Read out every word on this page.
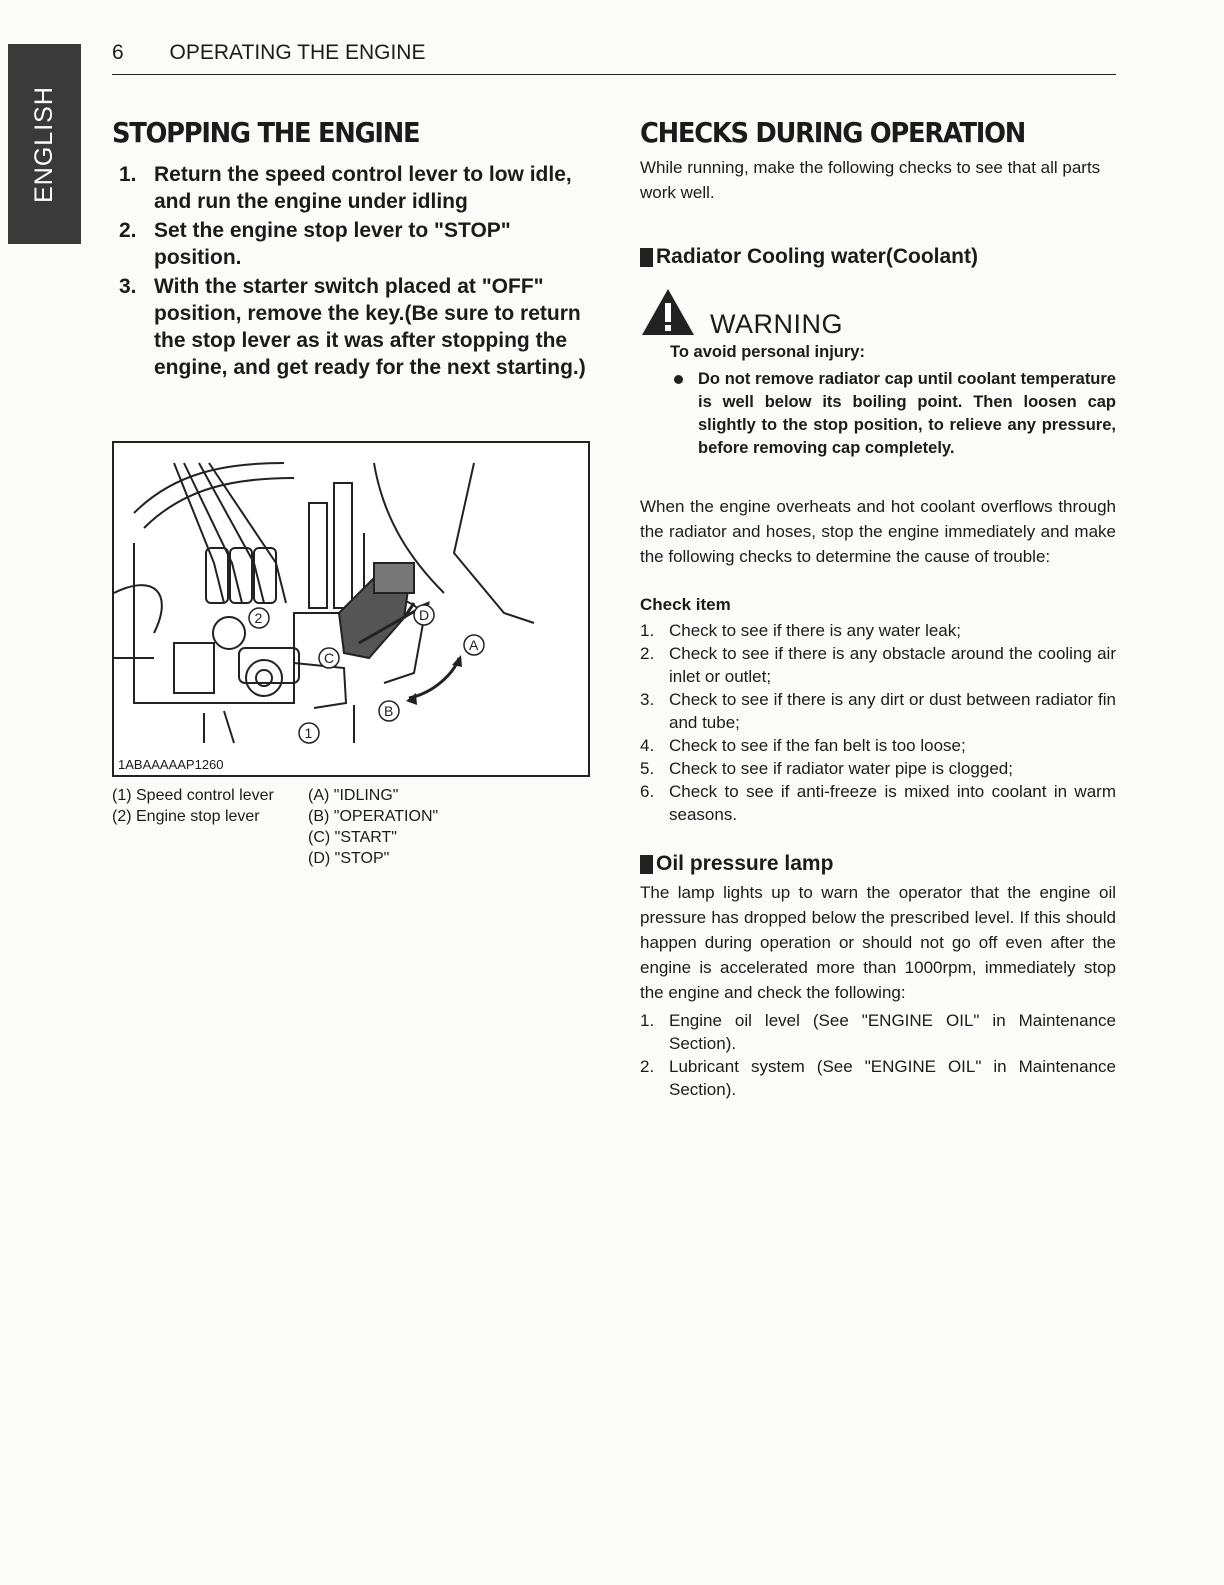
ENGLISH
6 OPERATING THE ENGINE
STOPPING THE ENGINE
1. Return the speed control lever to low idle, and run the engine under idling
2. Set the engine stop lever to "STOP" position.
3. With the starter switch placed at "OFF" position, remove the key.(Be sure to return the stop lever as it was after stopping the engine, and get ready for the next starting.)
1
2
A
B
C
D
1ABAAAAAP1260
(1) Speed control lever
(2) Engine stop lever
(A) "IDLING"
(B) "OPERATION"
(C) "START"
(D) "STOP"
CHECKS DURING OPERATION

While running, make the following checks to see that all parts work well.

Radiator Cooling water(Coolant)
WARNING
To avoid personal injury:
Do not remove radiator cap until coolant temperature is well below its boiling point. Then loosen cap slightly to the stop position, to relieve any pressure, before removing cap completely.

When the engine overheats and hot coolant overflows through the radiator and hoses, stop the engine immediately and make the following checks to determine the cause of trouble:

Check item
1. Check to see if there is any water leak;
2. Check to see if there is any obstacle around the cooling air inlet or outlet;
3. Check to see if there is any dirt or dust between radiator fin and tube;
4. Check to see if the fan belt is too loose;
5. Check to see if radiator water pipe is clogged;
6. Check to see if anti-freeze is mixed into coolant in warm seasons.
Oil pressure lamp

The lamp lights up to warn the operator that the engine oil pressure has dropped below the prescribed level. If this should happen during operation or should not go off even after the engine is accelerated more than 1000rpm, immediately stop the engine and check the following:

1. Engine oil level (See "ENGINE OIL" in Maintenance Section).
2. Lubricant system (See "ENGINE OIL" in Maintenance Section).
